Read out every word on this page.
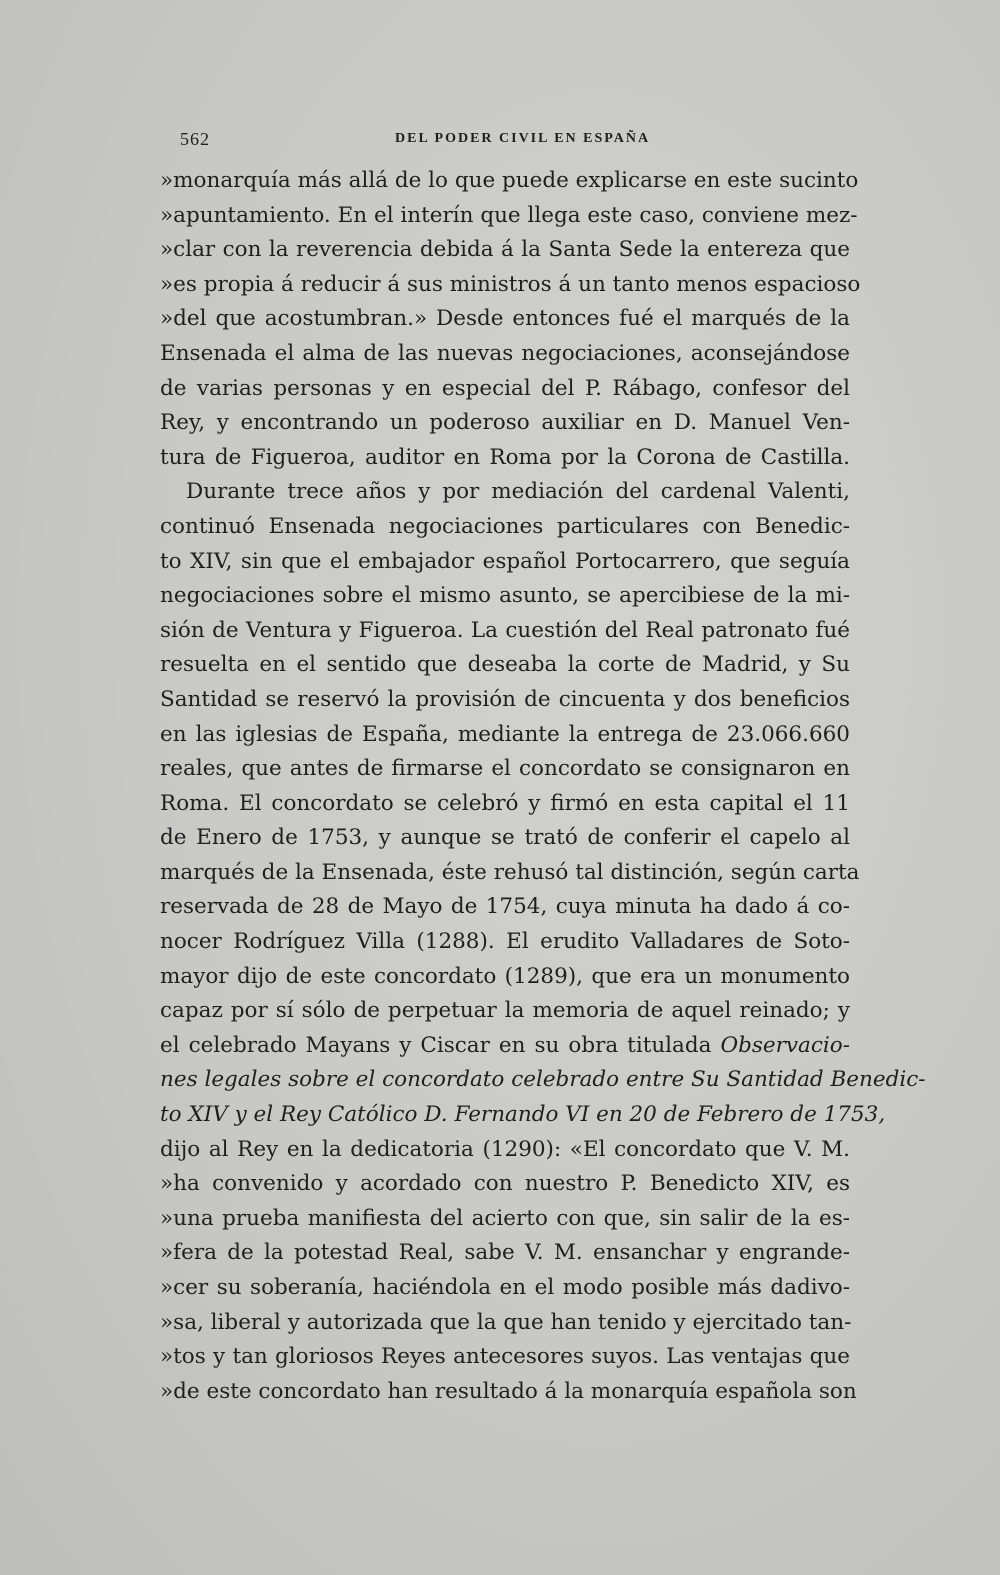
562	DEL PODER CIVIL EN ESPAÑA
»monarquía más allá de lo que puede explicarse en este sucinto
»apuntamiento. En el interín que llega este caso, conviene mez-
»clar con la reverencia debida á la Santa Sede la entereza que
»es propia á reducir á sus ministros á un tanto menos espacioso
»del que acostumbran.» Desde entonces fué el marqués de la
Ensenada el alma de las nuevas negociaciones, aconsejándose
de varias personas y en especial del P. Rábago, confesor del
Rey, y encontrando un poderoso auxiliar en D. Manuel Ven-
tura de Figueroa, auditor en Roma por la Corona de Castilla.
Durante trece años y por mediación del cardenal Valenti,
continuó Ensenada negociaciones particulares con Benedic-
to XIV, sin que el embajador español Portocarrero, que seguía
negociaciones sobre el mismo asunto, se apercibiese de la mi-
sión de Ventura y Figueroa. La cuestión del Real patronato fué
resuelta en el sentido que deseaba la corte de Madrid, y Su
Santidad se reservó la provisión de cincuenta y dos beneficios
en las iglesias de España, mediante la entrega de 23.066.660
reales, que antes de firmarse el concordato se consignaron en
Roma. El concordato se celebró y firmó en esta capital el 11
de Enero de 1753, y aunque se trató de conferir el capelo al
marqués de la Ensenada, éste rehusó tal distinción, según carta
reservada de 28 de Mayo de 1754, cuya minuta ha dado á co-
nocer Rodríguez Villa (1288). El erudito Valladares de Soto-
mayor dijo de este concordato (1289), que era un monumento
capaz por sí sólo de perpetuar la memoria de aquel reinado; y
el celebrado Mayans y Ciscar en su obra titulada Observacio-
nes legales sobre el concordato celebrado entre Su Santidad Benedic-
to XIV y el Rey Católico D. Fernando VI en 20 de Febrero de 1753,
dijo al Rey en la dedicatoria (1290): «El concordato que V. M.
»ha convenido y acordado con nuestro P. Benedicto XIV, es
»una prueba manifiesta del acierto con que, sin salir de la es-
»fera de la potestad Real, sabe V. M. ensanchar y engrande-
»cer su soberanía, haciéndola en el modo posible más dadivo-
»sa, liberal y autorizada que la que han tenido y ejercitado tan-
»tos y tan gloriosos Reyes antecesores suyos. Las ventajas que
»de este concordato han resultado á la monarquía española son
